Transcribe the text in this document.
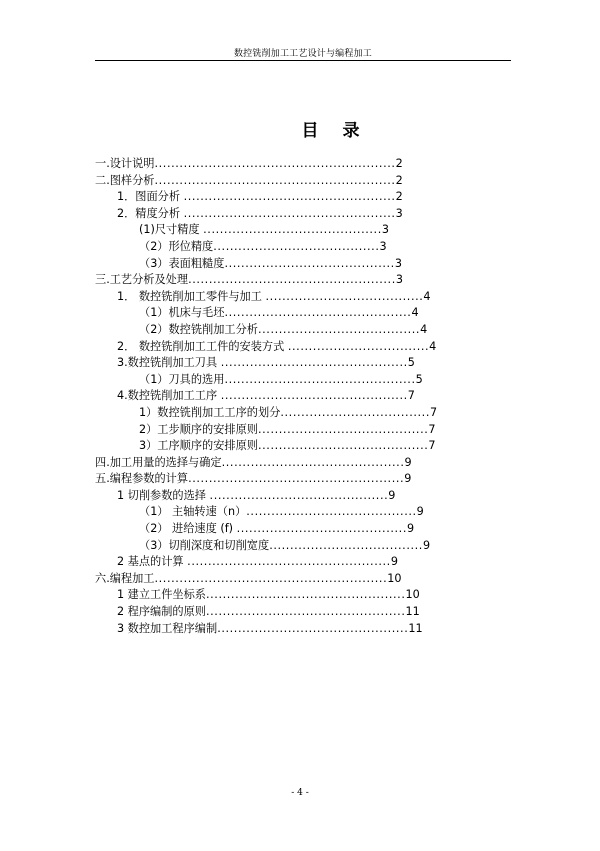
数控铣削加工工艺设计与编程加工
目 录
一.设计说明..........................................................2
二.图样分析..........................................................2
1．图面分析 ...................................................2
2．精度分析 ...................................................3
(1)尺寸精度 ...........................................3
（2）形位精度........................................3
（3）表面粗糙度.........................................3
三.工艺分析及处理..................................................3
1． 数控铣削加工零件与加工 ......................................4
（1）机床与毛坯.............................................4
（2）数控铣削加工分析.......................................4
2． 数控铣削加工工件的安装方式 ..................................4
3.数控铣削加工刀具 .............................................5
（1）刀具的选用..............................................5
4.数控铣削加工工序 .............................................7
1）数控铣削加工工序的划分....................................7
2）工步顺序的安排原则.........................................7
3）工序顺序的安排原则.........................................7
四.加工用量的选择与确定............................................9
五.编程参数的计算....................................................9
1 切削参数的选择 ...........................................9
（1） 主轴转速（n）.........................................9
（2） 进给速度 (f) .........................................9
（3）切削深度和切削宽度.....................................9
2 基点的计算 .................................................9
六.编程加工........................................................10
1 建立工件坐标系................................................10
2 程序编制的原则................................................11
3 数控加工程序编制..............................................11
- 4 -
